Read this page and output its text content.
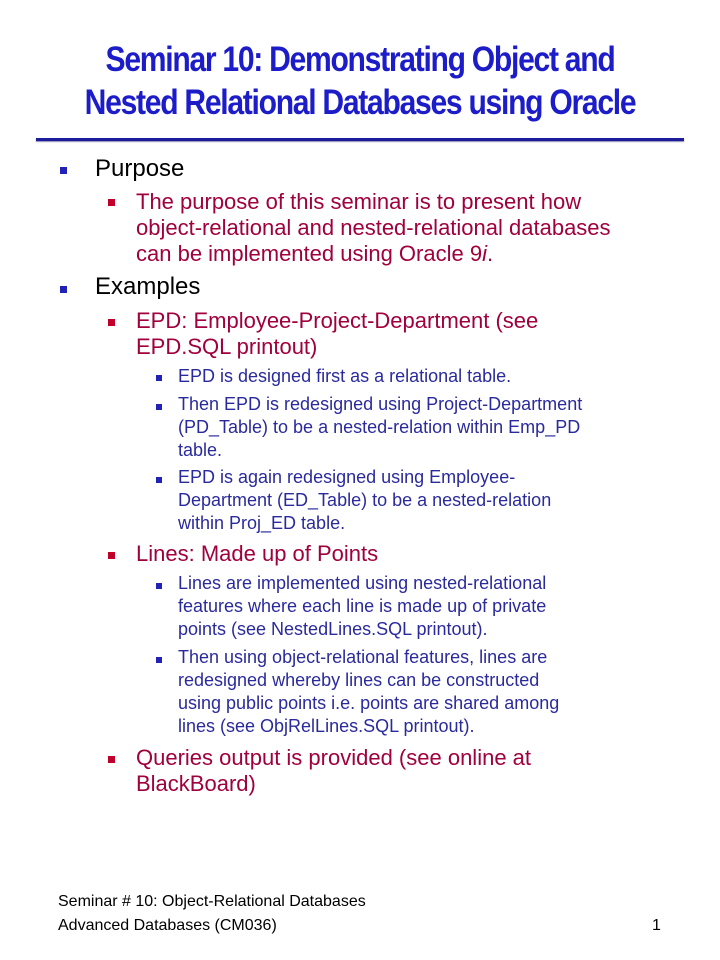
Seminar 10: Demonstrating Object and
Nested Relational Databases using Oracle
Purpose
The purpose of this seminar is to present how
object-relational and nested-relational databases
can be implemented using Oracle 9i.
Examples
EPD: Employee-Project-Department (see
EPD.SQL printout)
EPD is designed first as a relational table.
Then EPD is redesigned using Project-Department
(PD_Table) to be a nested-relation within Emp_PD
table.
EPD is again redesigned using Employee-
Department (ED_Table) to be a nested-relation
within Proj_ED table.
Lines: Made up of Points
Lines are implemented using nested-relational
features where each line is made up of private
points (see NestedLines.SQL printout).
Then using object-relational features, lines are
redesigned whereby lines can be constructed
using public points i.e. points are shared among
lines (see ObjRelLines.SQL printout).
Queries output is provided (see online at
BlackBoard)
Seminar # 10: Object-Relational Databases
Advanced Databases (CM036)	1
